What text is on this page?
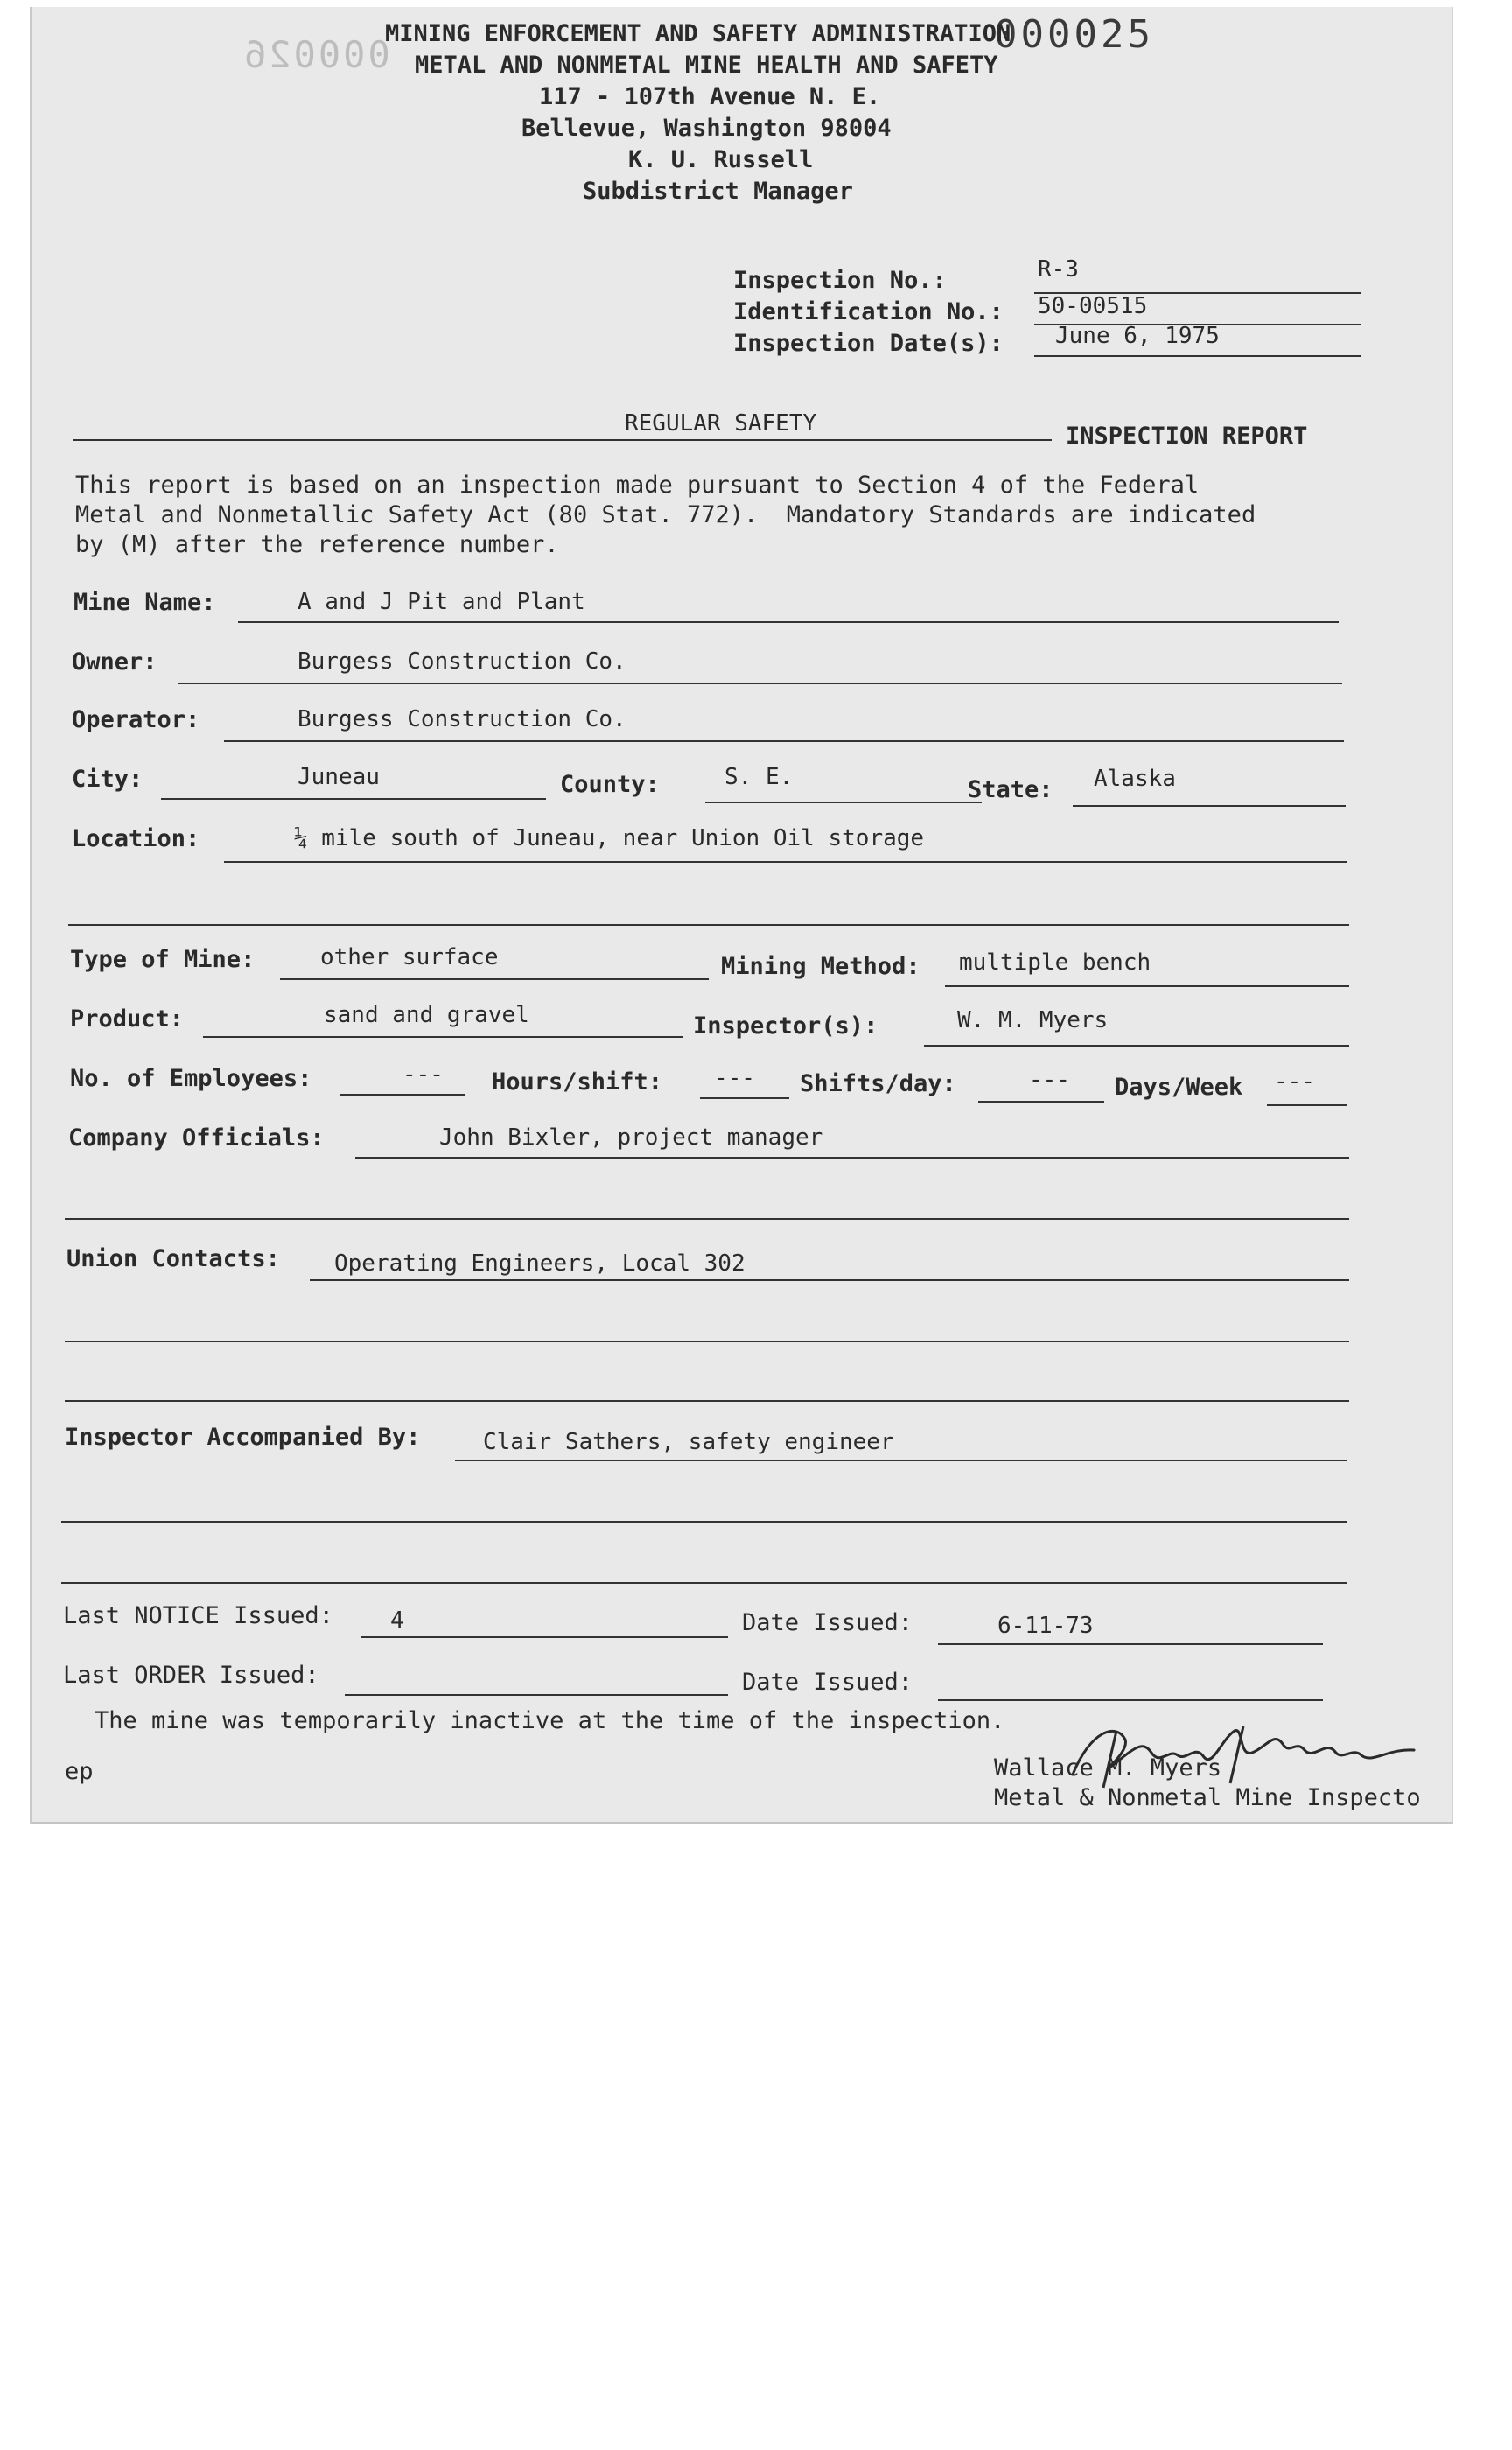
000025
000026
MINING ENFORCEMENT AND SAFETY ADMINISTRATION
METAL AND NONMETAL MINE HEALTH AND SAFETY
117 - 107th Avenue N. E.
Bellevue, Washington 98004
K. U. Russell
Subdistrict Manager
Inspection No.:	R-3
Identification No.: 50-00515
Inspection Date(s): June 6, 1975
REGULAR SAFETY	INSPECTION REPORT
This report is based on an inspection made pursuant to Section 4 of the Federal
Metal and Nonmetallic Safety Act (80 Stat. 772).  Mandatory Standards are indicated
by (M) after the reference number.
Mine Name:	A and J Pit and Plant
Owner:	Burgess Construction Co.
Operator:	Burgess Construction Co.
City:	Juneau	County:	S. E.	State: Alaska
Location:	¼ mile south of Juneau, near Union Oil storage
Type of Mine:	other surface	Mining Method: multiple bench
Product:	sand and gravel	Inspector(s):	W. M. Myers
No. of Employees:	--- Hours/shift: --- Shifts/day:	--- Days/Week ---
Company Officials:	John Bixler, project manager
Union Contacts: Operating Engineers, Local 302
Inspector Accompanied By:	Clair Sathers, safety engineer
Last NOTICE Issued:	4	Date Issued:	6-11-73
Last ORDER Issued:	Date Issued:
The mine was temporarily inactive at the time of the inspection.
ep	Wallace M. Myers
Metal & Nonmetal Mine Inspecto
